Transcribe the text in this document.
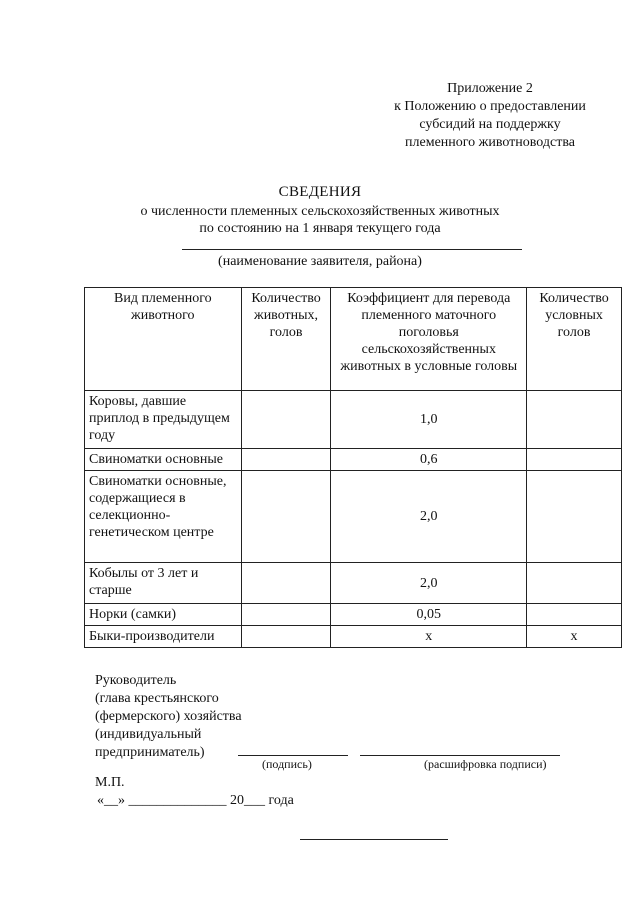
Приложение 2
к Положению о предоставлении
субсидий на поддержку
племенного животноводства
СВЕДЕНИЯ
о численности племенных сельскохозяйственных животных
по состоянию на 1 января текущего года
(наименование заявителя, района)
Вид племенного животного	Количество животных, голов	Коэффициент для перевода племенного маточного поголовья сельскохозяйственных животных в условные головы	Количество условных голов
Коровы, давшие приплод в предыдущем году		1,0	
Свиноматки основные		0,6	
Свиноматки основные, содержащиеся в селекционно-генетическом центре		2,0	
Кобылы от 3 лет и старше		2,0	
Норки (самки)		0,05	
Быки-производители		x	x
Руководитель
(глава крестьянского
(фермерского) хозяйства
(индивидуальный
предприниматель)
(подпись)	(расшифровка подписи)
М.П.
«__» ______________ 20___ года
